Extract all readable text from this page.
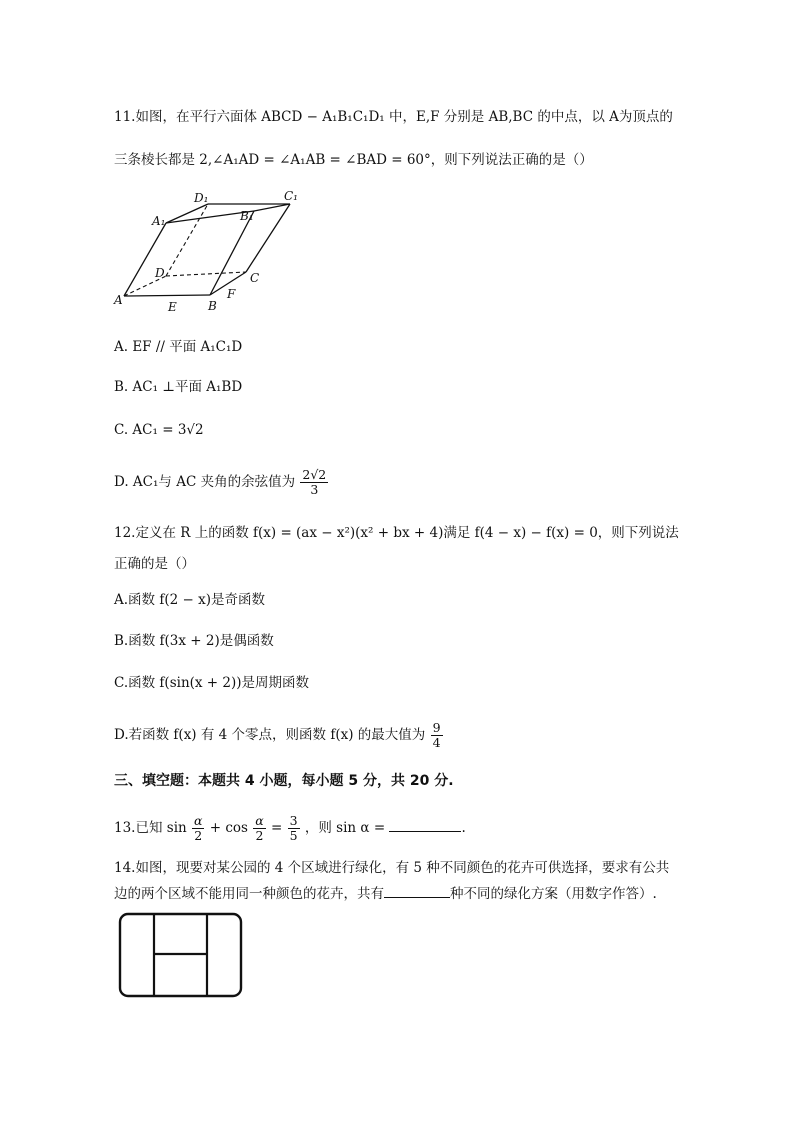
11.如图，在平行六面体 ABCD − A₁B₁C₁D₁ 中，E,F 分别是 AB,BC 的中点，以 A为顶点的
三条棱长都是 2,∠A₁AD = ∠A₁AB = ∠BAD = 60°，则下列说法正确的是（）
D₁	C₁
A₁	B₁
D	C
A	E	B
F
A. EF // 平面 A₁C₁D
B. AC₁ ⊥平面 A₁BD
C. AC₁ = 3√2
D. AC₁与 AC 夹角的余弦值为 $\frac{2√2}{3}$
12.定义在 R 上的函数 f(x) = (ax − x²)(x² + bx + 4)满足 f(4 − x) − f(x) = 0，则下列说法
正确的是（）
A.函数 f(2 − x)是奇函数
B.函数 f(3x + 2)是偶函数
C.函数 f(sin(x + 2))是周期函数
D.若函数 f(x) 有 4 个零点，则函数 f(x) 的最大值为 $\frac{9}{4}$
三、填空题：本题共 4 小题，每小题 5 分，共 20 分.
13.已知 $\sin \frac{\alpha}{2} + \cos \frac{\alpha}{2} = \frac{3}{5}$ ，则 sin α =	.
14.如图，现要对某公园的 4 个区域进行绿化，有 5 种不同颜色的花卉可供选择，要求有公共
边的两个区域不能用同一种颜色的花卉，共有	种不同的绿化方案（用数字作答）.
